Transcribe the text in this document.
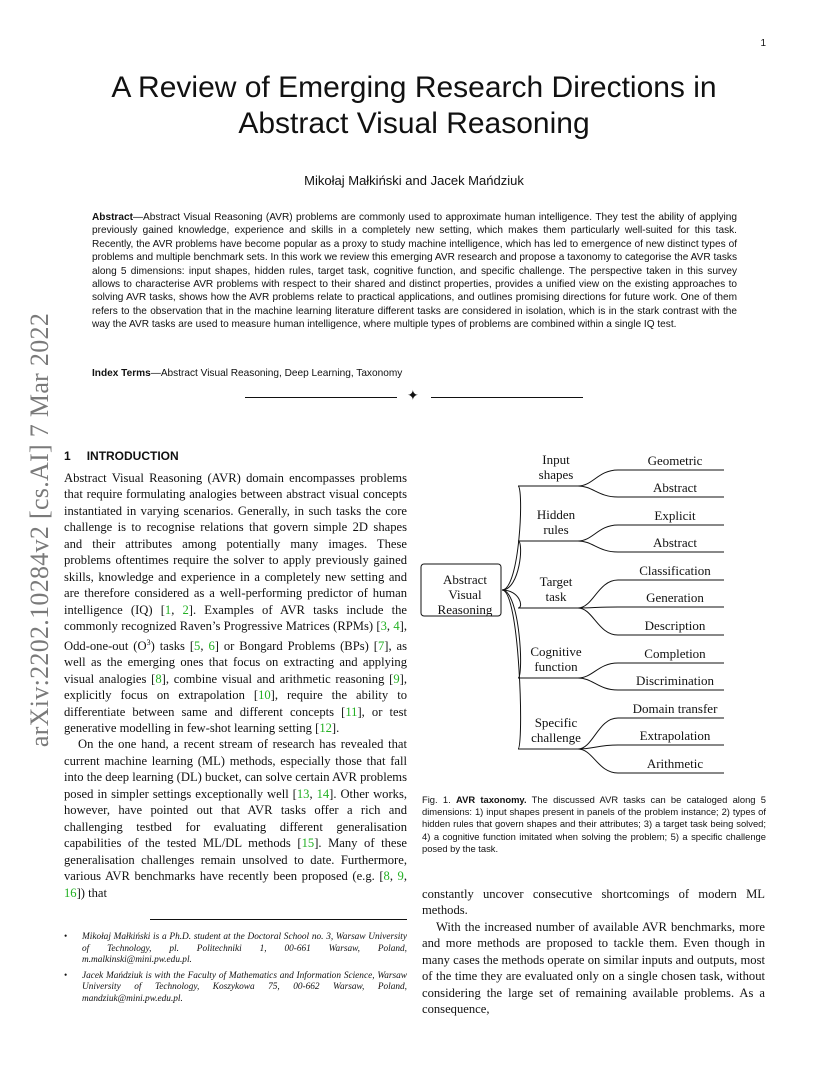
1
arXiv:2202.10284v2 [cs.AI] 7 Mar 2022
A Review of Emerging Research Directions in Abstract Visual Reasoning
Mikołaj Małkiński and Jacek Mańdziuk
Abstract—Abstract Visual Reasoning (AVR) problems are commonly used to approximate human intelligence. They test the ability of applying previously gained knowledge, experience and skills in a completely new setting, which makes them particularly well-suited for this task. Recently, the AVR problems have become popular as a proxy to study machine intelligence, which has led to emergence of new distinct types of problems and multiple benchmark sets. In this work we review this emerging AVR research and propose a taxonomy to categorise the AVR tasks along 5 dimensions: input shapes, hidden rules, target task, cognitive function, and specific challenge. The perspective taken in this survey allows to characterise AVR problems with respect to their shared and distinct properties, provides a unified view on the existing approaches to solving AVR tasks, shows how the AVR problems relate to practical applications, and outlines promising directions for future work. One of them refers to the observation that in the machine learning literature different tasks are considered in isolation, which is in the stark contrast with the way the AVR tasks are used to measure human intelligence, where multiple types of problems are combined within a single IQ test.
Index Terms—Abstract Visual Reasoning, Deep Learning, Taxonomy
✦
1 INTRODUCTION

Abstract Visual Reasoning (AVR) domain encompasses problems that require formulating analogies between abstract visual concepts instantiated in varying scenarios. Generally, in such tasks the core challenge is to recognise relations that govern simple 2D shapes and their attributes among potentially many images. These problems oftentimes require the solver to apply previously gained skills, knowledge and experience in a completely new setting and are therefore considered as a well-performing predictor of human intelligence (IQ) [1, 2]. Examples of AVR tasks include the commonly recognized Raven’s Progressive Matrices (RPMs) [3, 4], Odd-one-out $(O^3)$ tasks [5, 6] or Bongard Problems (BPs) [7], as well as the emerging ones that focus on extracting and applying visual analogies [8], combine visual and arithmetic reasoning [9], explicitly focus on extrapolation [10], require the ability to differentiate between same and different concepts [11], or test generative modelling in few-shot learning setting [12].

On the one hand, a recent stream of research has revealed that current machine learning (ML) methods, especially those that fall into the deep learning (DL) bucket, can solve certain AVR problems posed in simpler settings exceptionally well [13, 14]. Other works, however, have pointed out that AVR tasks offer a rich and challenging testbed for evaluating different generalisation capabilities of the tested ML/DL methods [15]. Many of these generalisation challenges remain unsolved to date. Furthermore, various AVR benchmarks have recently been proposed (e.g. [8, 9, 16]) that

• Mikołaj Małkiński is a Ph.D. student at the Doctoral School no. 3, Warsaw University of Technology, pl. Politechniki 1, 00-661 Warsaw, Poland, m.malkinski@mini.pw.edu.pl.
• Jacek Mańdziuk is with the Faculty of Mathematics and Information Science, Warsaw University of Technology, Koszykowa 75, 00-662 Warsaw, Poland, mandziuk@mini.pw.edu.pl.
Abstract
Visual
Reasoning
Input
shapes
Geometric
Abstract
Hidden
rules
Explicit
Abstract
Target
task
Classification
Generation
Description
Cognitive
function
Completion
Discrimination
Specific
challenge
Domain transfer
Extrapolation
Arithmetic
Fig. 1. AVR taxonomy. The discussed AVR tasks can be cataloged along 5 dimensions: 1) input shapes present in panels of the problem instance; 2) types of hidden rules that govern shapes and their attributes; 3) a target task being solved; 4) a cognitive function imitated when solving the problem; 5) a specific challenge posed by the task.

constantly uncover consecutive shortcomings of modern ML methods.

With the increased number of available AVR benchmarks, more and more methods are proposed to tackle them. Even though in many cases the methods operate on similar inputs and outputs, most of the time they are evaluated only on a single chosen task, without considering the large set of remaining available problems. As a consequence,
